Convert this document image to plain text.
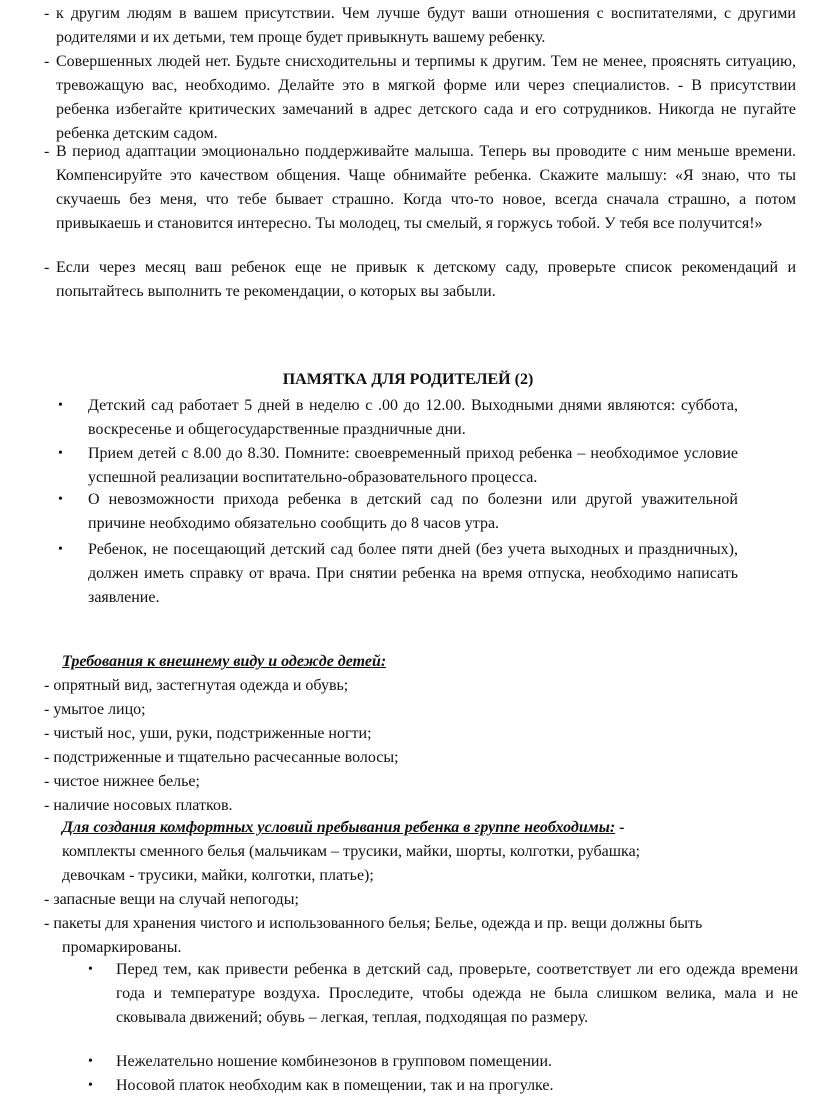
- к другим людям в вашем присутствии. Чем лучше будут ваши отношения с воспитателями, с другими родителями и их детьми, тем проще будет привыкнуть вашему ребенку.
- Совершенных людей нет. Будьте снисходительны и терпимы к другим. Тем не менее, прояснять ситуацию, тревожащую вас, необходимо. Делайте это в мягкой форме или через специалистов. - В присутствии ребенка избегайте критических замечаний в адрес детского сада и его сотрудников. Никогда не пугайте ребенка детским садом.
- В период адаптации эмоционально поддерживайте малыша. Теперь вы проводите с ним меньше времени. Компенсируйте это качеством общения. Чаще обнимайте ребенка. Скажите малышу: «Я знаю, что ты скучаешь без меня, что тебе бывает страшно. Когда что-то новое, всегда сначала страшно, а потом привыкаешь и становится интересно. Ты молодец, ты смелый, я горжусь тобой. У тебя все получится!»
- Если через месяц ваш ребенок еще не привык к детскому саду, проверьте список рекомендаций и попытайтесь выполнить те рекомендации, о которых вы забыли.
ПАМЯТКА ДЛЯ РОДИТЕЛЕЙ (2)
•	Детский сад работает 5 дней в неделю с .00 до 12.00. Выходными днями являются: суббота, воскресенье и общегосударственные праздничные дни.
•	Прием детей с 8.00 до 8.30. Помните: своевременный приход ребенка – необходимое условие успешной реализации воспитательно-образовательного процесса.
•	О невозможности прихода ребенка в детский сад по болезни или другой уважительной причине необходимо обязательно сообщить до 8 часов утра.
•	Ребенок, не посещающий детский сад более пяти дней (без учета выходных и праздничных), должен иметь справку от врача. При снятии ребенка на время отпуска, необходимо написать заявление.
Требования к внешнему виду и одежде детей:
- опрятный вид, застегнутая одежда и обувь;
- умытое лицо;
- чистый нос, уши, руки, подстриженные ногти;
- подстриженные и тщательно расчесанные волосы;
- чистое нижнее белье;
- наличие носовых платков.
Для создания комфортных условий пребывания ребенка в группе необходимы: -
комплекты сменного белья (мальчикам – трусики, майки, шорты, колготки, рубашка;
девочкам - трусики, майки, колготки, платье);
- запасные вещи на случай непогоды;
- пакеты для хранения чистого и использованного белья; Белье, одежда и пр. вещи должны быть
промаркированы.
•	Перед тем, как привести ребенка в детский сад, проверьте, соответствует ли его одежда времени года и температуре воздуха. Проследите, чтобы одежда не была слишком велика, мала и не сковывала движений; обувь – легкая, теплая, подходящая по размеру.
•	Нежелательно ношение комбинезонов в групповом помещении.
•	Носовой платок необходим как в помещении, так и на прогулке.
